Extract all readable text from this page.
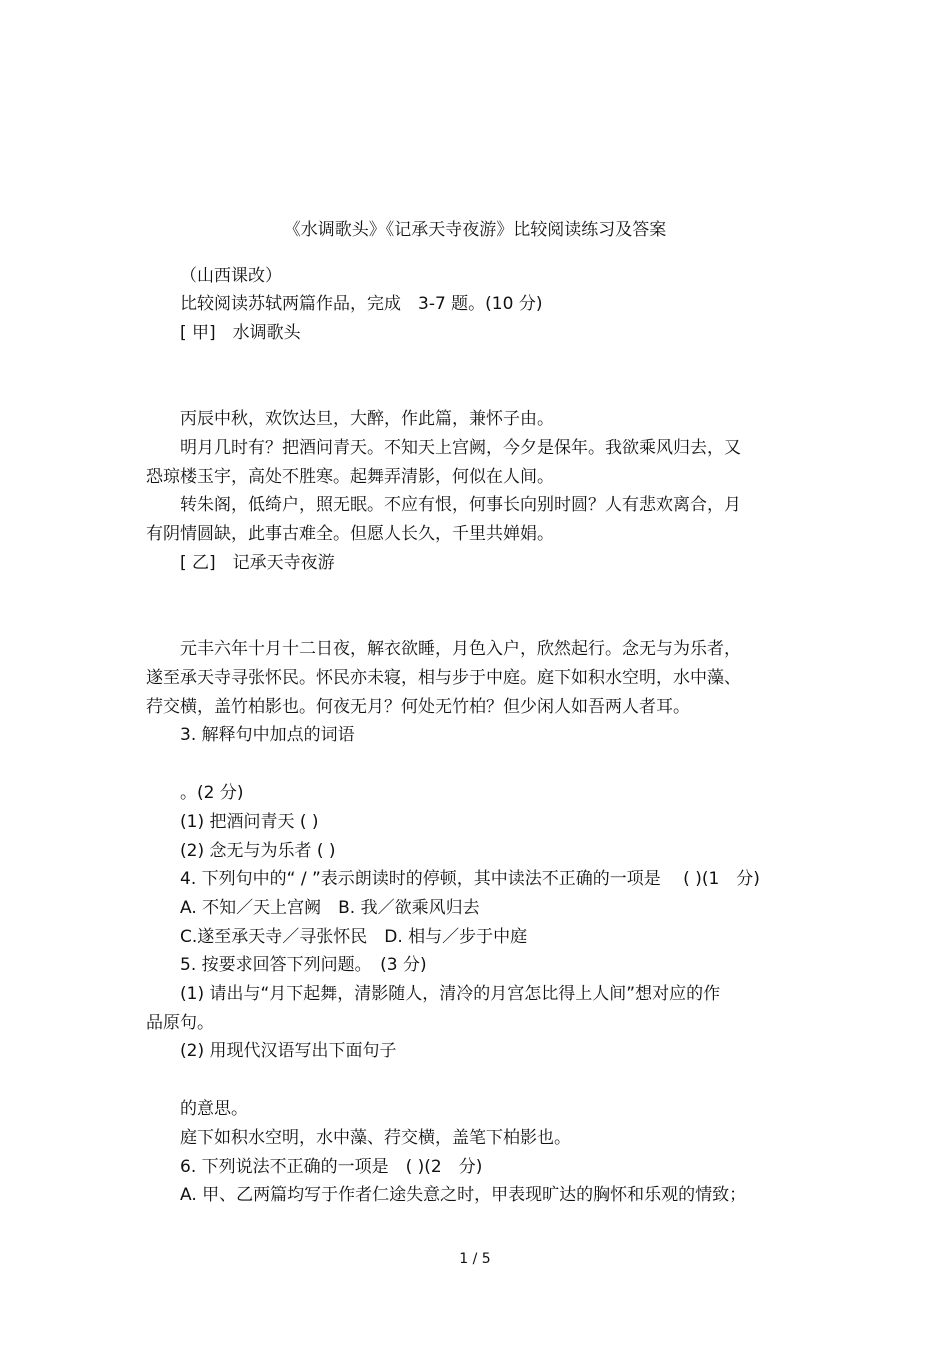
《水调歌头》《记承天寺夜游》比较阅读练习及答案
（山西课改）
比较阅读苏轼两篇作品，完成　3-7 题。(10 分)
[ 甲]　水调歌头
丙辰中秋，欢饮达旦，大醉，作此篇，兼怀子由。
明月几时有？把酒问青天。不知天上宫阙，今夕是保年。我欲乘风归去，又
恐琼楼玉宇，高处不胜寒。起舞弄清影，何似在人间。
转朱阁，低绮户，照无眠。不应有恨，何事长向别时圆？人有悲欢离合，月
有阴情圆缺，此事古难全。但愿人长久，千里共婵娟。
[ 乙]　记承天寺夜游
元丰六年十月十二日夜，解衣欲睡，月色入户，欣然起行。念无与为乐者，
遂至承天寺寻张怀民。怀民亦未寝，相与步于中庭。庭下如积水空明，水中藻、
荇交横，盖竹柏影也。何夜无月？何处无竹柏？但少闲人如吾两人者耳。
3. 解释句中加点的词语
。(2 分)
(1) 把酒问青天 ( )
(2) 念无与为乐者 ( )
4. 下列句中的“ / ”表示朗读时的停顿，其中读法不正确的一项是　 ( )(1　分)
A. 不知／天上宫阙　B. 我／欲乘风归去
C.遂至承天寺／寻张怀民　D. 相与／步于中庭
5. 按要求回答下列问题。　(3 分)
(1) 请出与“月下起舞，清影随人，清冷的月宫怎比得上人间”想对应的作
品原句。
(2) 用现代汉语写出下面句子
的意思。
庭下如积水空明，水中藻、荇交横，盖笔下柏影也。
6. 下列说法不正确的一项是　( )(2　分)
A. 甲、乙两篇均写于作者仁途失意之时，甲表现旷达的胸怀和乐观的情致；
1 / 5
